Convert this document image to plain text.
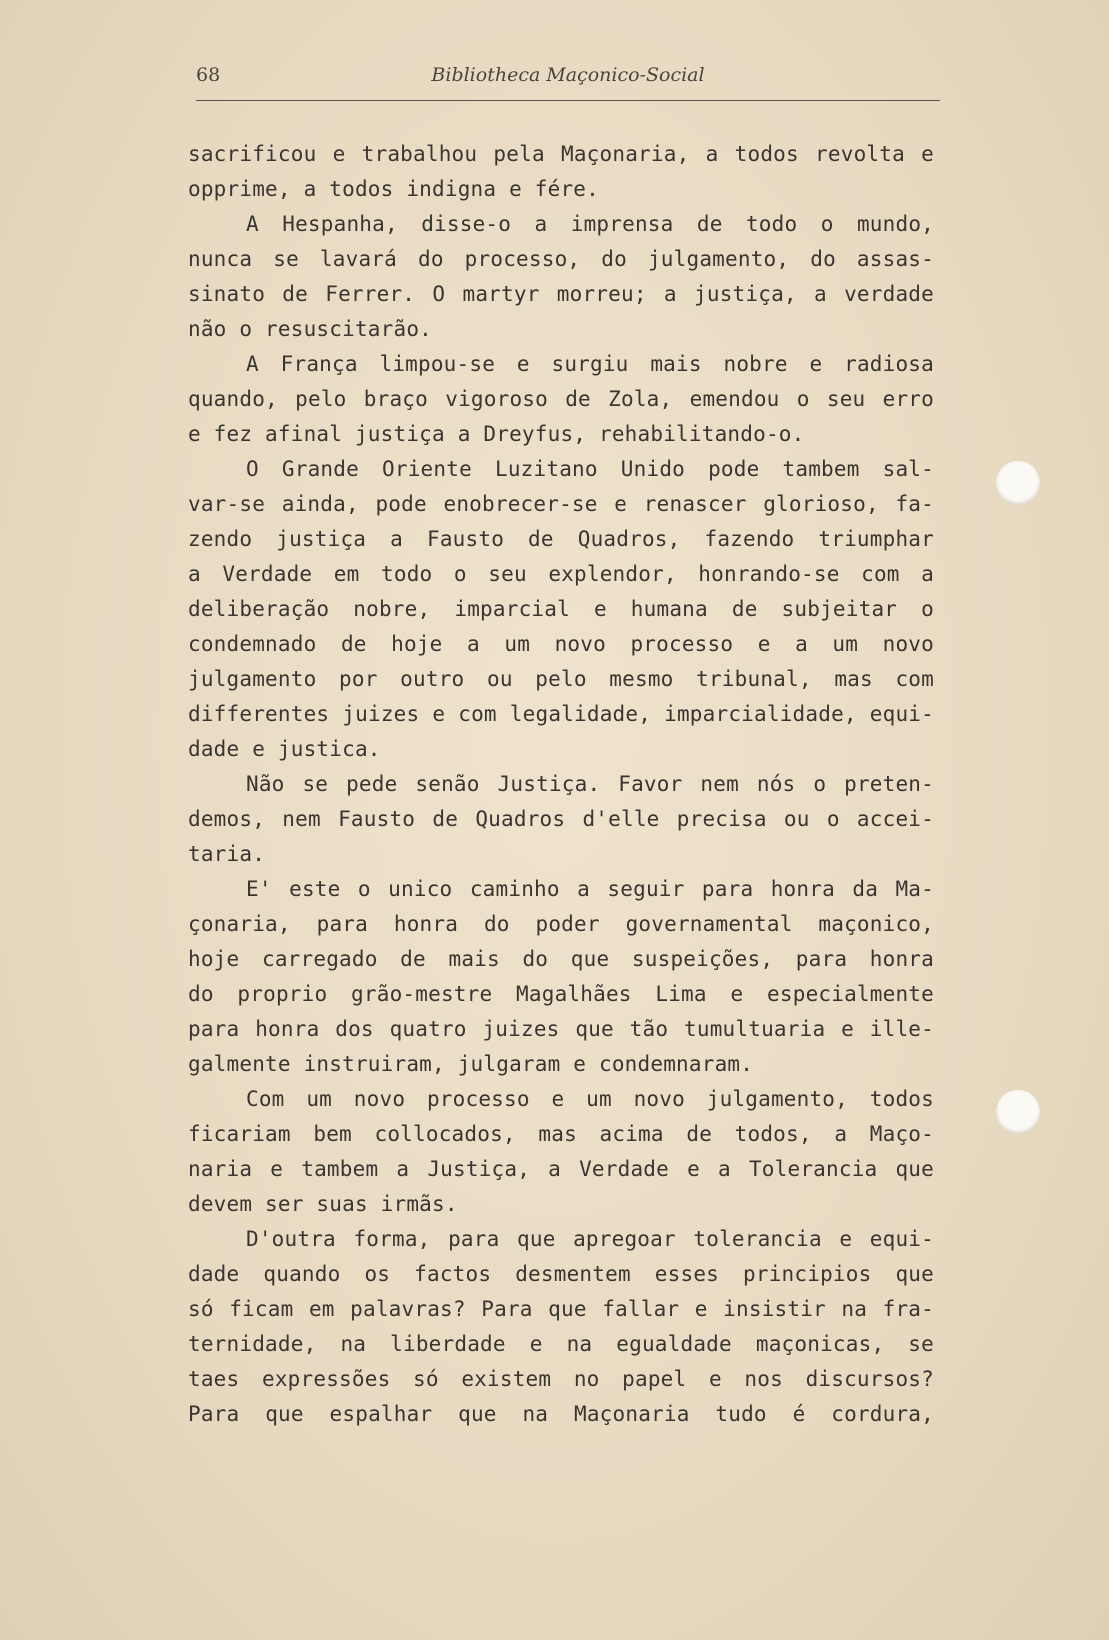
68	Bibliotheca Maçonico-Social
sacrificou e trabalhou pela Maçonaria, a todos revolta e
opprime, a todos indigna e fére.
A Hespanha, disse-o a imprensa de todo o mundo,
nunca se lavará do processo, do julgamento, do assas-
sinato de Ferrer. O martyr morreu; a justiça, a verdade
não o resuscitarão.
A França limpou-se e surgiu mais nobre e radiosa
quando, pelo braço vigoroso de Zola, emendou o seu erro
e fez afinal justiça a Dreyfus, rehabilitando-o.
O Grande Oriente Luzitano Unido pode tambem sal-
var-se ainda, pode enobrecer-se e renascer glorioso, fa-
zendo justiça a Fausto de Quadros, fazendo triumphar
a Verdade em todo o seu explendor, honrando-se com a
deliberação nobre, imparcial e humana de subjeitar o
condemnado de hoje a um novo processo e a um novo
julgamento por outro ou pelo mesmo tribunal, mas com
differentes juizes e com legalidade, imparcialidade, equi-
dade e justica.
Não se pede senão Justiça. Favor nem nós o preten-
demos, nem Fausto de Quadros d'elle precisa ou o accei-
taria.
E' este o unico caminho a seguir para honra da Ma-
çonaria, para honra do poder governamental maçonico,
hoje carregado de mais do que suspeições, para honra
do proprio grão-mestre Magalhães Lima e especialmente
para honra dos quatro juizes que tão tumultuaria e ille-
galmente instruiram, julgaram e condemnaram.
Com um novo processo e um novo julgamento, todos
ficariam bem collocados, mas acima de todos, a Maço-
naria e tambem a Justiça, a Verdade e a Tolerancia que
devem ser suas irmãs.
D'outra forma, para que apregoar tolerancia e equi-
dade quando os factos desmentem esses principios que
só ficam em palavras? Para que fallar e insistir na fra-
ternidade, na liberdade e na egualdade maçonicas, se
taes expressões só existem no papel e nos discursos?
Para que espalhar que na Maçonaria tudo é cordura,
